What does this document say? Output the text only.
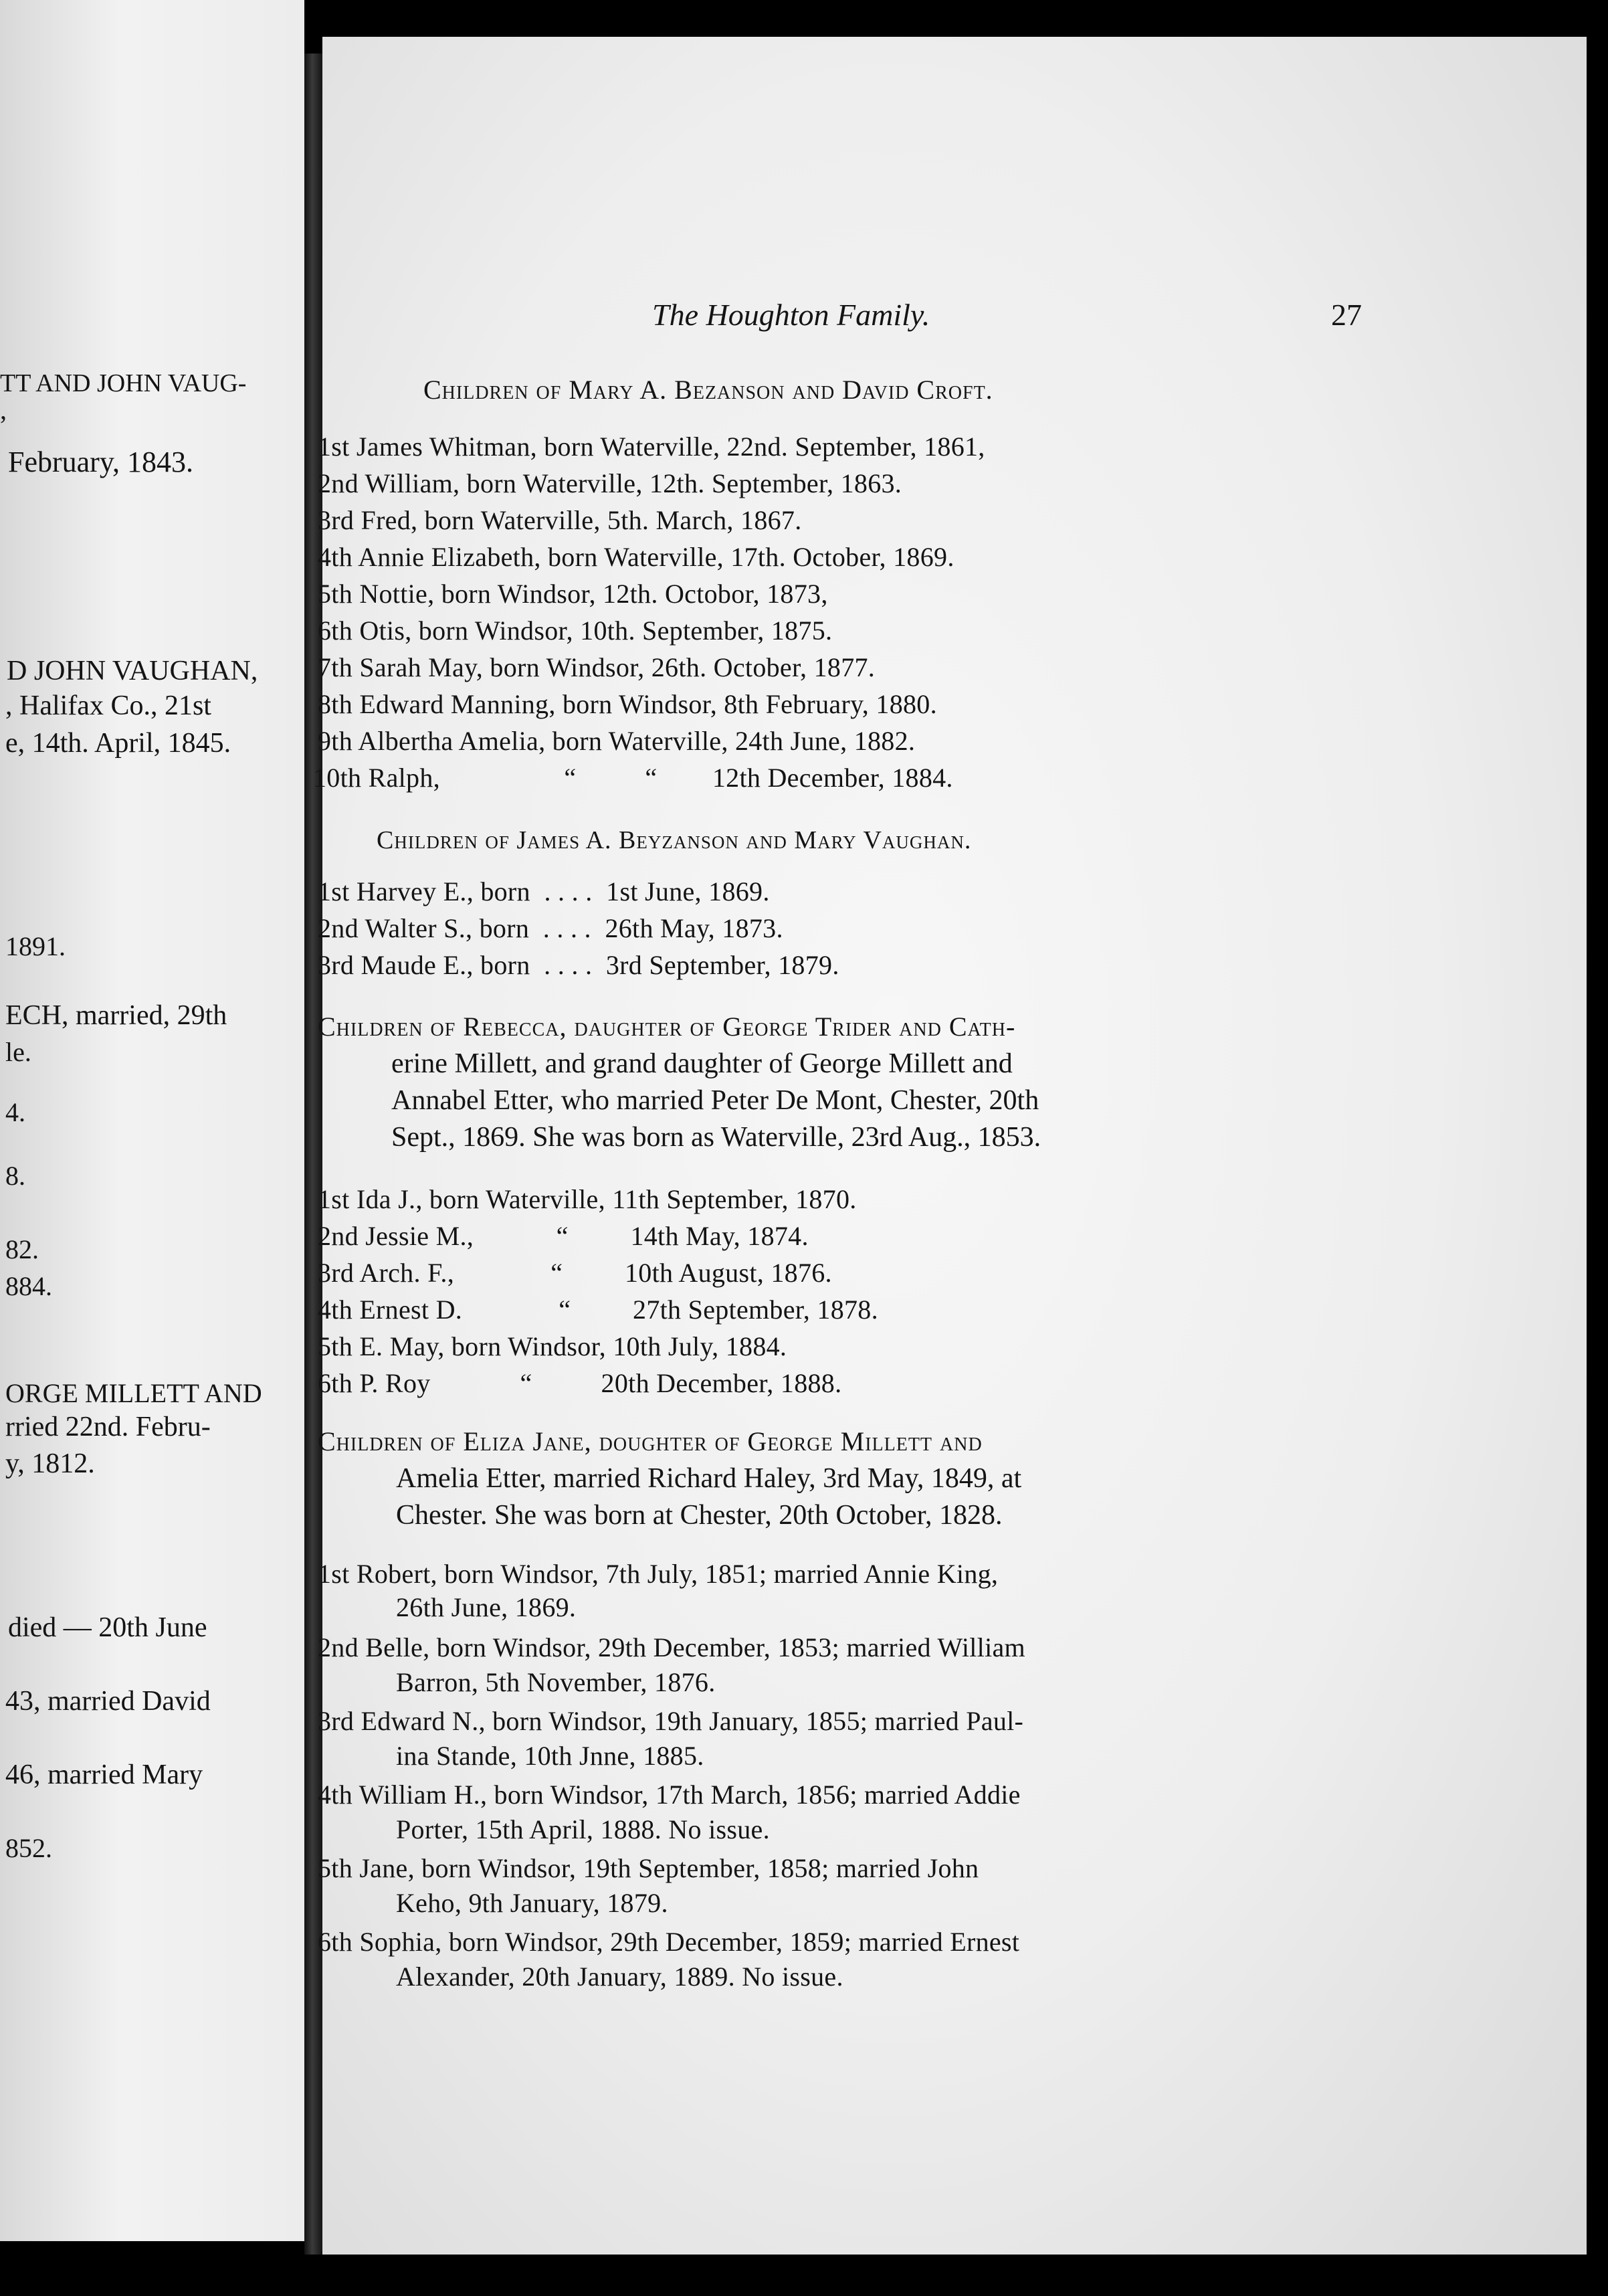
TT AND JOHN VAUG-
,
February, 1843.
D JOHN VAUGHAN,
, Halifax Co., 21st
e, 14th. April, 1845.
1891.
ECH, married, 29th
le.
4.
8.
82.
884.
ORGE MILLETT AND
rried 22nd. Febru-
y, 1812.
died — 20th June
43, married David
46, married Mary
852.
The Houghton Family.	27
Children of Mary A. Bezanson and David Croft.
1st James Whitman, born Waterville, 22nd. September, 1861,
2nd William, born Waterville, 12th. September, 1863.
3rd Fred, born Waterville, 5th. March, 1867.
4th Annie Elizabeth, born Waterville, 17th. October, 1869.
5th Nottie, born Windsor, 12th. Octobor, 1873,
6th Otis, born Windsor, 10th. September, 1875.
7th Sarah May, born Windsor, 26th. October, 1877.
8th Edward Manning, born Windsor, 8th February, 1880.
9th Albertha Amelia, born Waterville, 24th June, 1882.
10th Ralph,                  “          “        12th December, 1884.
Children of James A. Beyzanson and Mary Vaughan.
1st Harvey E., born  . . . .  1st June, 1869.
2nd Walter S., born  . . . .  26th May, 1873.
3rd Maude E., born  . . . .  3rd September, 1879.
Children of Rebecca, daughter of George Trider and Cath-
erine Millett, and grand daughter of George Millett and
Annabel Etter, who married Peter De Mont, Chester, 20th
Sept., 1869. She was born as Waterville, 23rd Aug., 1853.
1st Ida J., born Waterville, 11th September, 1870.
2nd Jessie M.,            “         14th May, 1874.
3rd Arch. F.,              “         10th August, 1876.
4th Ernest D.              “         27th September, 1878.
5th E. May, born Windsor, 10th July, 1884.
6th P. Roy             “          20th December, 1888.
Children of Eliza Jane, doughter of George Millett and
Amelia Etter, married Richard Haley, 3rd May, 1849, at
Chester. She was born at Chester, 20th October, 1828.
1st Robert, born Windsor, 7th July, 1851; married Annie King,
26th June, 1869.
2nd Belle, born Windsor, 29th December, 1853; married William
Barron, 5th November, 1876.
3rd Edward N., born Windsor, 19th January, 1855; married Paul-
ina Stande, 10th Jnne, 1885.
4th William H., born Windsor, 17th March, 1856; married Addie
Porter, 15th April, 1888. No issue.
5th Jane, born Windsor, 19th September, 1858; married John
Keho, 9th January, 1879.
6th Sophia, born Windsor, 29th December, 1859; married Ernest
Alexander, 20th January, 1889. No issue.
